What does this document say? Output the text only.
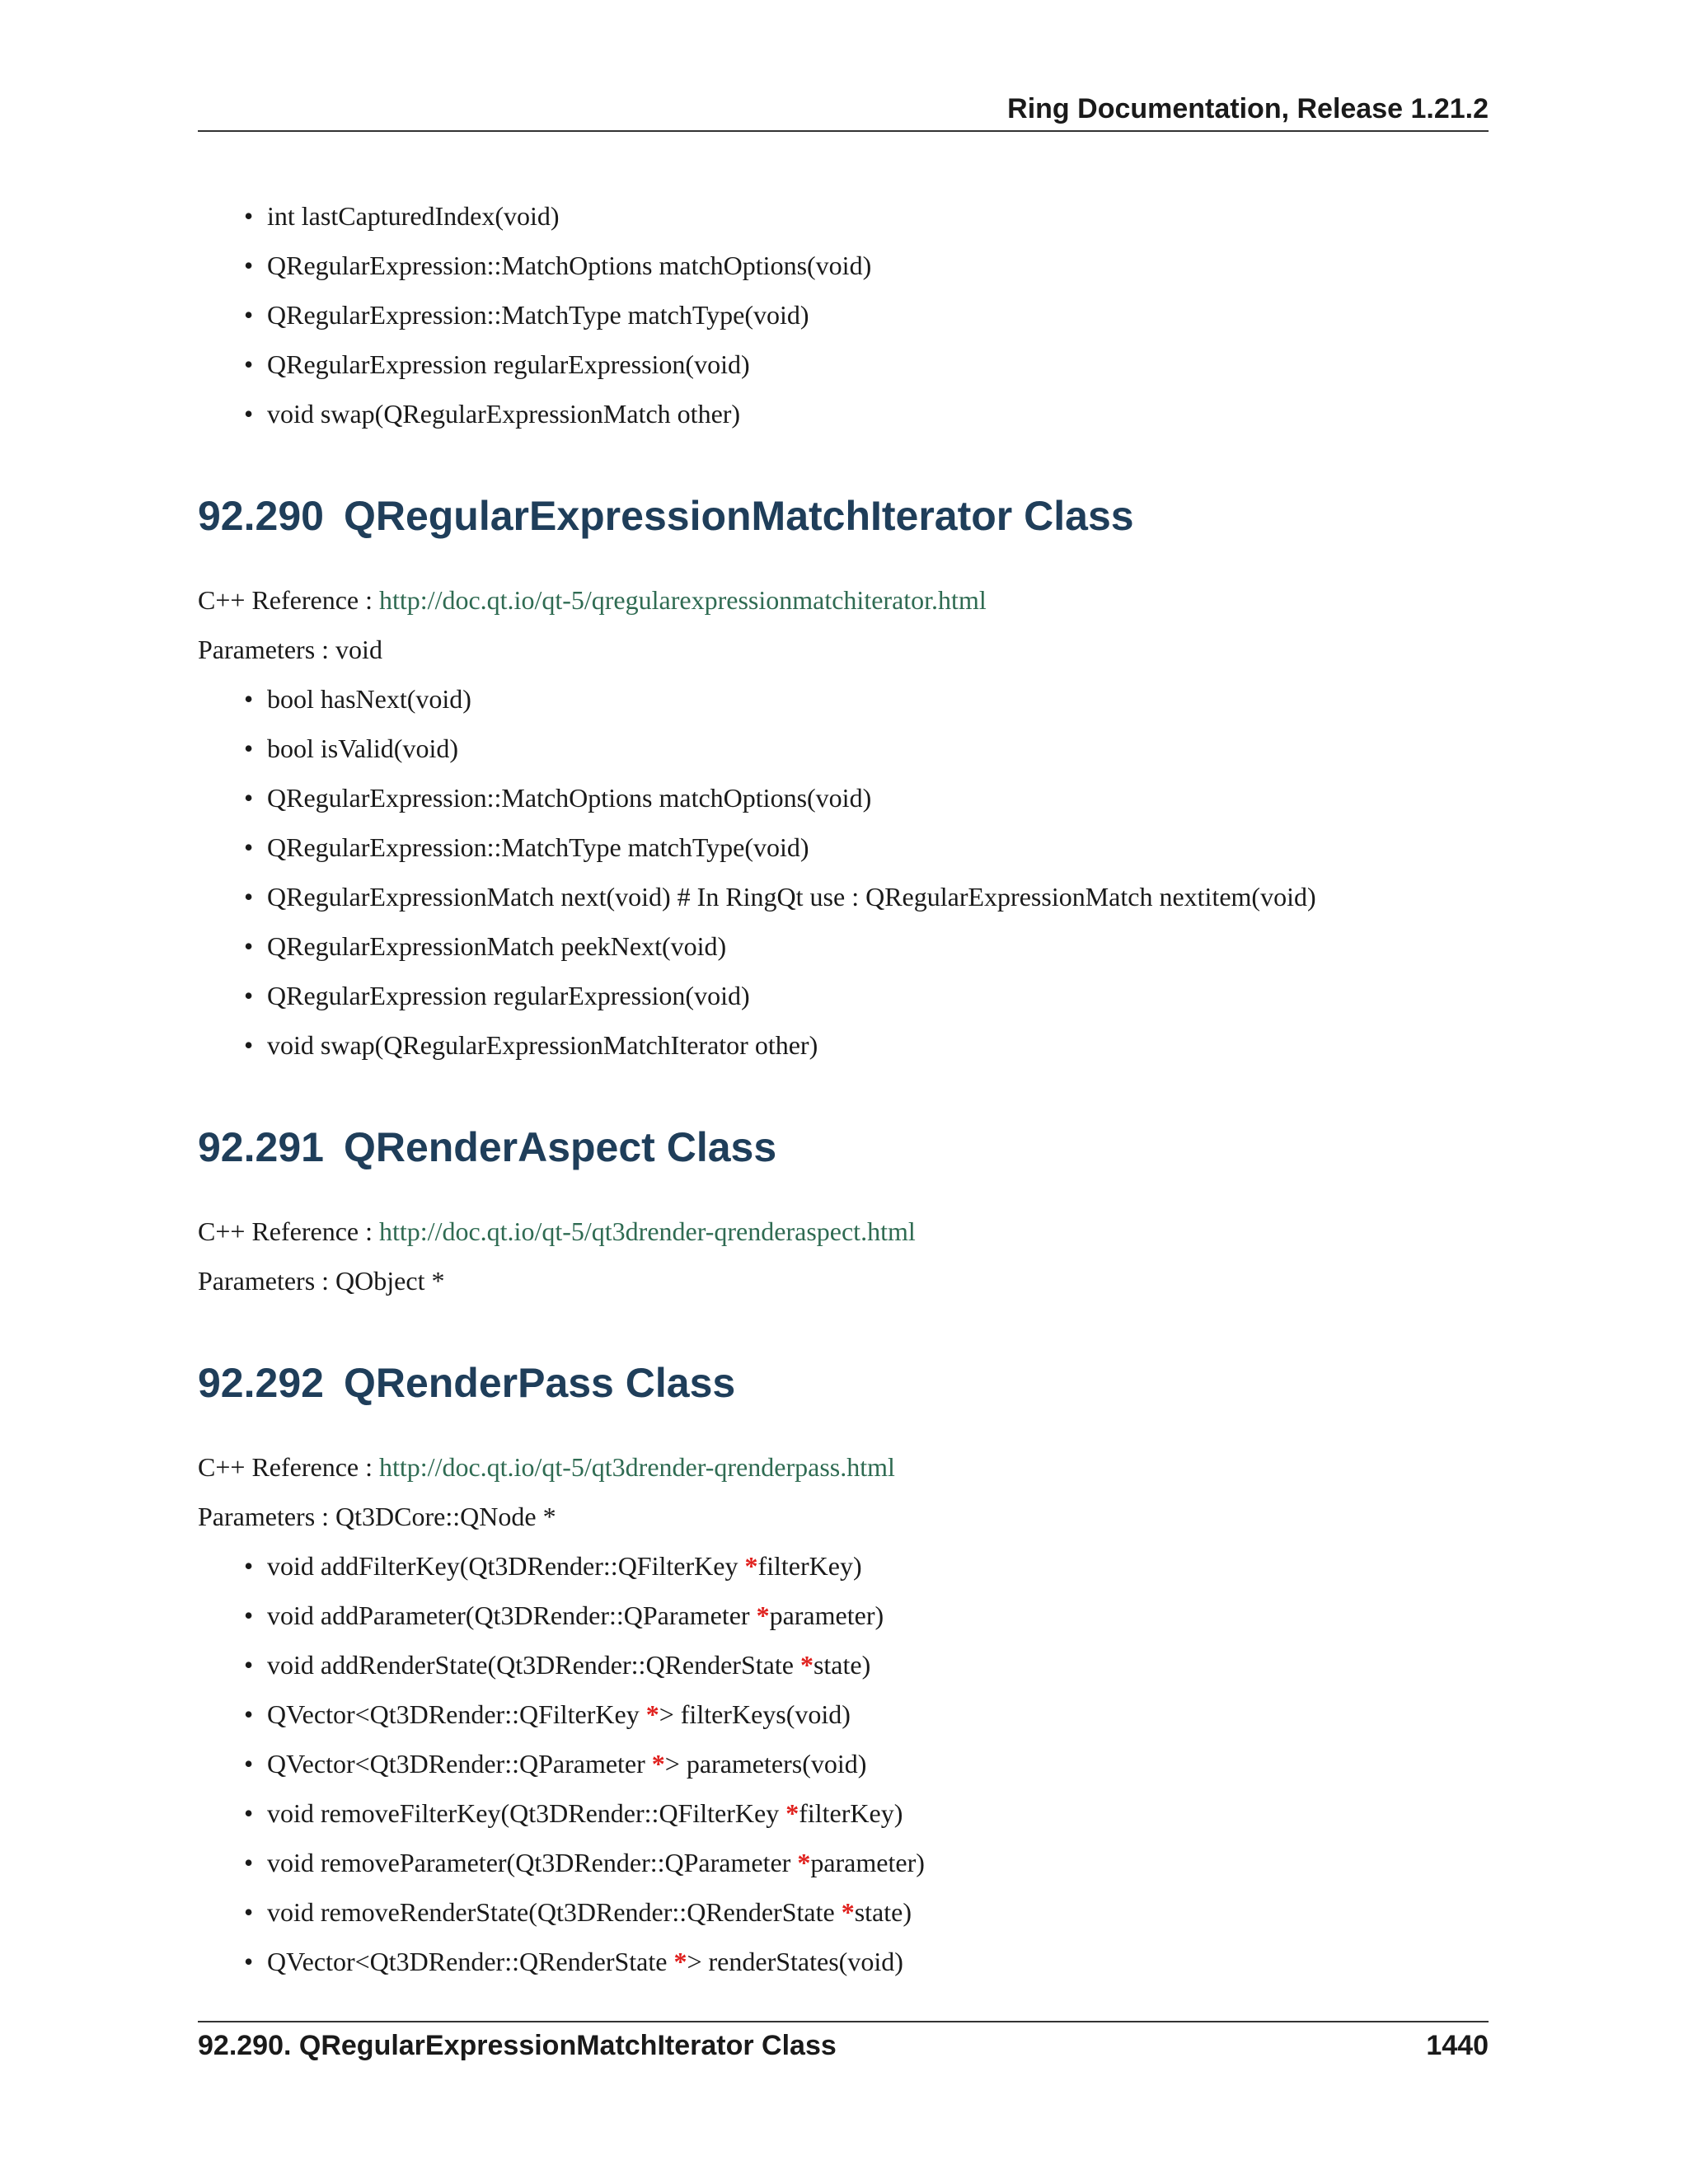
Ring Documentation, Release 1.21.2
• int lastCapturedIndex(void)
• QRegularExpression::MatchOptions matchOptions(void)
• QRegularExpression::MatchType matchType(void)
• QRegularExpression regularExpression(void)
• void swap(QRegularExpressionMatch other)
92.290 QRegularExpressionMatchIterator Class

C++ Reference : http://doc.qt.io/qt-5/qregularexpressionmatchiterator.html

Parameters : void

• bool hasNext(void)
• bool isValid(void)
• QRegularExpression::MatchOptions matchOptions(void)
• QRegularExpression::MatchType matchType(void)
• QRegularExpressionMatch next(void) # In RingQt use : QRegularExpressionMatch nextitem(void)
• QRegularExpressionMatch peekNext(void)
• QRegularExpression regularExpression(void)
• void swap(QRegularExpressionMatchIterator other)
92.291 QRenderAspect Class

C++ Reference : http://doc.qt.io/qt-5/qt3drender-qrenderaspect.html

Parameters : QObject *

92.292 QRenderPass Class

C++ Reference : http://doc.qt.io/qt-5/qt3drender-qrenderpass.html

Parameters : Qt3DCore::QNode *

• void addFilterKey(Qt3DRender::QFilterKey *filterKey)
• void addParameter(Qt3DRender::QParameter *parameter)
• void addRenderState(Qt3DRender::QRenderState *state)
• QVector<Qt3DRender::QFilterKey *> filterKeys(void)
• QVector<Qt3DRender::QParameter *> parameters(void)
• void removeFilterKey(Qt3DRender::QFilterKey *filterKey)
• void removeParameter(Qt3DRender::QParameter *parameter)
• void removeRenderState(Qt3DRender::QRenderState *state)
• QVector<Qt3DRender::QRenderState *> renderStates(void)
92.290. QRegularExpressionMatchIterator Class	1440
